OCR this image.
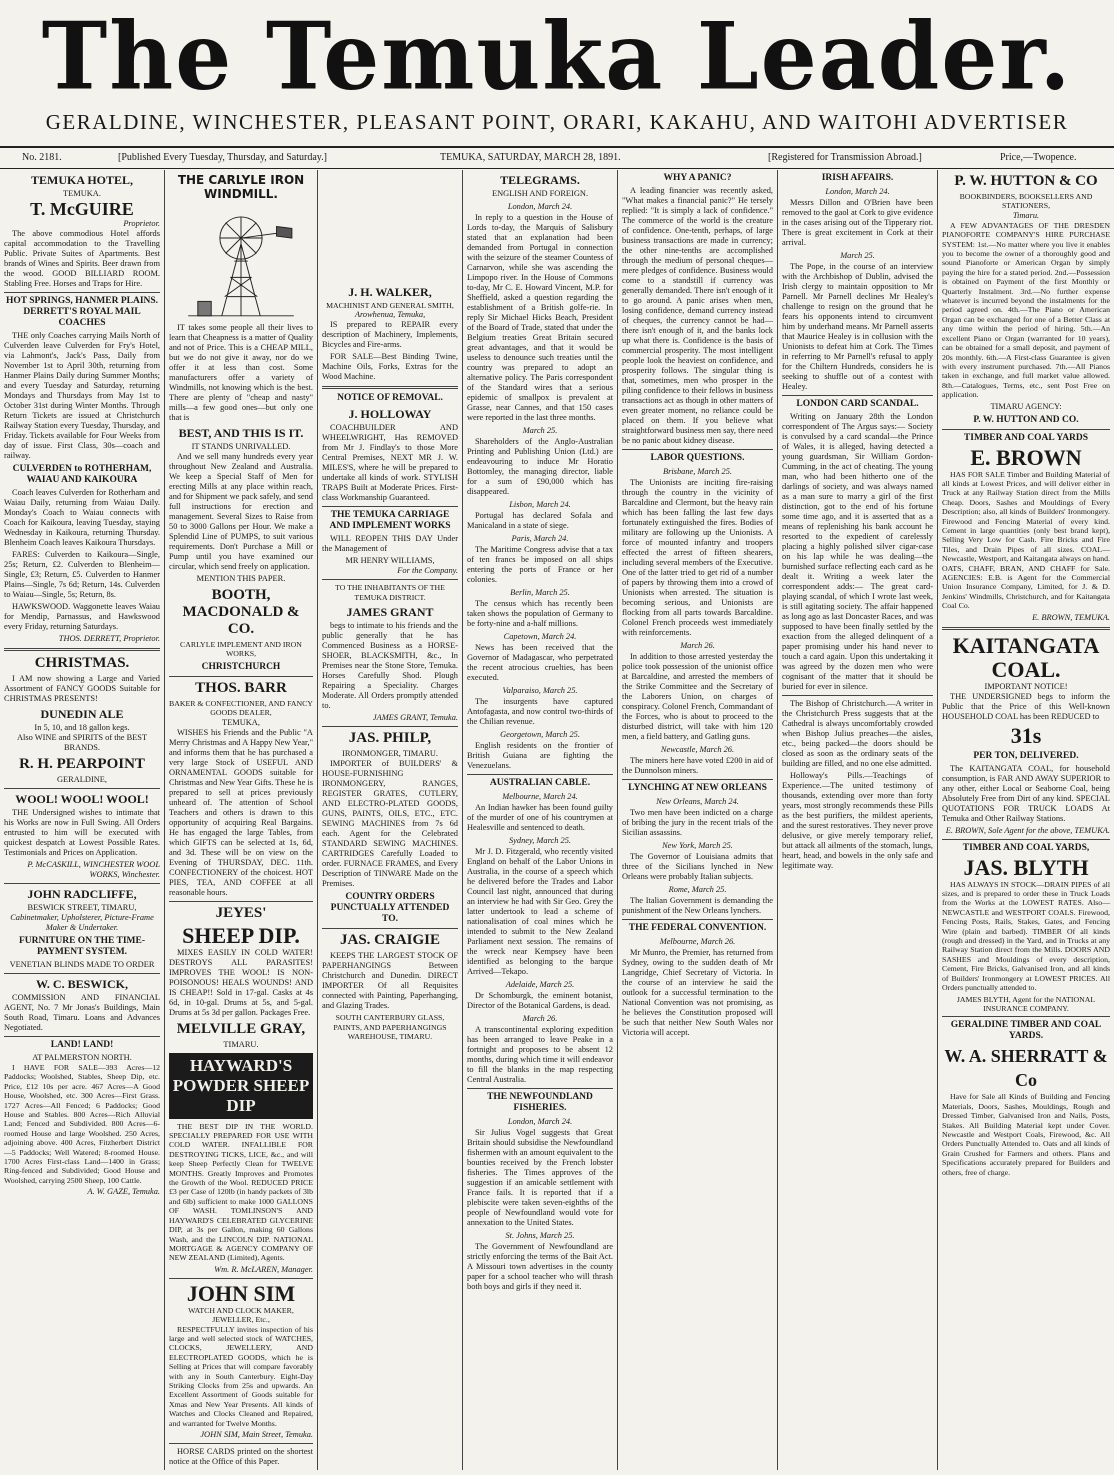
The Temuka Leader.
GERALDINE, WINCHESTER, PLEASANT POINT, ORARI, KAKAHU, AND WAITOHI ADVERTISER
No. 2181.	[Published Every Tuesday, Thursday, and Saturday.]	TEMUKA, SATURDAY, MARCH 28, 1891.	[Registered for Transmission Abroad.]	Price,—Twopence.
TEMUKA HOTEL,
TEMUKA.
T. McGUIRE
Proprietor.
The above commodious Hotel affords capital accommodation to the Travelling Public. Private Suites of Apartments. Best brands of Wines and Spirits. Beer drawn from the wood. GOOD BILLIARD ROOM. Stabling Free. Horses and Traps for Hire.
HOT SPRINGS, HANMER PLAINS. DERRETT'S ROYAL MAIL COACHES
THE only Coaches carrying Mails North of Culverden leave Culverden for Fry's Hotel, via Lahmont's, Jack's Pass, Daily from November 1st to April 30th, returning from Hanmer Plains Daily during Summer Months; and every Tuesday and Saturday, returning Mondays and Thursdays from May 1st to October 31st during Winter Months. Through Return Tickets are issued at Christchurch Railway Station every Tuesday, Thursday, and Friday. Tickets available for Four Weeks from day of issue. First Class, 30s—coach and railway.
CULVERDEN to ROTHERHAM, WAIAU AND KAIKOURA
Coach leaves Culverden for Rotherham and Waiau Daily, returning from Waiau Daily. Monday's Coach to Waiau connects with Coach for Kaikoura, leaving Tuesday, staying Wednesday in Kaikoura, returning Thursday. Blenheim Coach leaves Kaikoura Thursdays.
FARES: Culverden to Kaikoura—Single, 25s; Return, £2. Culverden to Blenheim—Single, £3; Return, £5. Culverden to Hanmer Plains—Single, 7s 6d; Return, 14s. Culverden to Waiau—Single, 5s; Return, 8s.
HAWKSWOOD. Waggonette leaves Waiau for Mendip, Parnassus, and Hawkswood every Friday, returning Saturdays.
THOS. DERRETT, Proprietor.
CHRISTMAS.
I AM now showing a Large and Varied Assortment of FANCY GOODS Suitable for CHRISTMAS PRESENTS!
DUNEDIN ALE
In 5, 10, and 18 gallon kegs.
Also WINE and SPIRITS of the BEST BRANDS.
R. H. PEARPOINT
GERALDINE,
WOOL! WOOL! WOOL!
THE Undersigned wishes to intimate that his Works are now in Full Swing. All Orders entrusted to him will be executed with quickest despatch at Lowest Possible Rates. Testimonials and Prices on Application.
P. McCASKILL, WINCHESTER WOOL WORKS, Winchester.
JOHN RADCLIFFE,
BESWICK STREET, TIMARU,
Cabinetmaker, Upholsterer, Picture-Frame Maker & Undertaker.
FURNITURE ON THE TIME-PAYMENT SYSTEM.
VENETIAN BLINDS MADE TO ORDER
W. C. BESWICK,
COMMISSION AND FINANCIAL AGENT, No. 7 Mr Jonas's Buildings, Main South Road, Timaru. Loans and Advances Negotiated.
LAND! LAND!
AT PALMERSTON NORTH.
I HAVE FOR SALE—393 Acres—12 Paddocks; Woolshed, Stables, Sheep Dip, etc. Price, £12 10s per acre. 467 Acres—A Good House, Woolshed, etc. 300 Acres—First Grass. 1727 Acres—All Fenced; 6 Paddocks; Good House and Stables. 800 Acres—Rich Alluvial Land; Fenced and Subdivided. 800 Acres—6-roomed House and large Woolshed. 250 Acres, adjoining above. 400 Acres, Fitzherbert District—5 Paddocks; Well Watered; 8-roomed House. 1700 Acres First-class Land—1400 in Grass; Ring-fenced and Subdivided; Good House and Woolshed, carrying 2500 Sheep, 100 Cattle.
A. W. GAZE, Temuka.
THE CARLYLE IRON WINDMILL.
IT takes some people all their lives to learn that Cheapness is a matter of Quality and not of Price. This is a CHEAP MILL, but we do not give it away, nor do we offer it at less than cost. Some manufacturers offer a variety of Windmills, not knowing which is the best. There are plenty of "cheap and nasty" mills—a few good ones—but only one that is
BEST, AND THIS IS IT.
IT STANDS UNRIVALLED.
And we sell many hundreds every year throughout New Zealand and Australia. We keep a Special Staff of Men for erecting Mills at any place within reach, and for Shipment we pack safely, and send full instructions for erection and management. Several Sizes to Raise from 50 to 3000 Gallons per Hour. We make a Splendid Line of PUMPS, to suit various requirements. Don't Purchase a Mill or Pump until you have examined our circular, which send freely on application.
MENTION THIS PAPER.
BOOTH, MACDONALD & CO.
CARLYLE IMPLEMENT AND IRON WORKS,
CHRISTCHURCH
THOS. BARR
BAKER & CONFECTIONER, AND FANCY GOODS DEALER,
TEMUKA,
WISHES his Friends and the Public "A Merry Christmas and A Happy New Year," and informs them that he has purchased a very large Stock of USEFUL AND ORNAMENTAL GOODS suitable for Christmas and New Year Gifts. These he is prepared to sell at prices previously unheard of. The attention of School Teachers and others is drawn to this opportunity of acquiring Real Bargains. He has engaged the large Tables, from which GIFTS can be selected at 1s, 6d, and 3d. These will be on view on the Evening of THURSDAY, DEC. 11th. CONFECTIONERY of the choicest. HOT PIES, TEA, AND COFFEE at all reasonable hours.
JEYES'
SHEEP DIP.
MIXES EASILY IN COLD WATER! DESTROYS ALL PARASITES! IMPROVES THE WOOL! IS NON-POISONOUS! HEALS WOUNDS! AND IS CHEAP!! Sold in 17-gal. Casks at 4s 6d, in 10-gal. Drums at 5s, and 5-gal. Drums at 5s 3d per gallon. Packages Free.
MELVILLE GRAY,
TIMARU.
HAYWARD'S POWDER SHEEP DIP
THE BEST DIP IN THE WORLD. SPECIALLY PREPARED FOR USE WITH COLD WATER. INFALLIBLE FOR DESTROYING TICKS, LICE, &c., and will keep Sheep Perfectly Clean for TWELVE MONTHS. Greatly Improves and Promotes the Growth of the Wool. REDUCED PRICE £3 per Case of 120lb (in handy packets of 3lb and 6lb) sufficient to make 1000 GALLONS OF WASH. TOMLINSON'S AND HAYWARD'S CELEBRATED GLYCERINE DIP, at 3s per Gallon, making 60 Gallons Wash, and the LINCOLN DIP. NATIONAL MORTGAGE & AGENCY COMPANY OF NEW ZEALAND (Limited), Agents.
Wm. R. McLAREN, Manager.
JOHN SIM
WATCH AND CLOCK MAKER, JEWELLER, Etc.,
RESPECTFULLY invites inspection of his large and well selected stock of WATCHES, CLOCKS, JEWELLERY, AND ELECTROPLATED GOODS, which he is Selling at Prices that will compare favorably with any in South Canterbury. Eight-Day Striking Clocks from 25s and upwards. An Excellent Assortment of Goods suitable for Xmas and New Year Presents. All kinds of Watches and Clocks Cleaned and Repaired, and warranted for Twelve Months.
JOHN SIM, Main Street, Temuka.
HORSE CARDS printed on the shortest notice at the Office of this Paper.
J. H. WALKER,
MACHINIST AND GENERAL SMITH,
Arowhenua, Temuka,
IS prepared to REPAIR every description of Machinery, Implements, Bicycles and Fire-arms.
FOR SALE—Best Binding Twine, Machine Oils, Forks, Extras for the Wood Machine.
NOTICE OF REMOVAL.
J. HOLLOWAY
COACHBUILDER AND WHEELWRIGHT, Has REMOVED from Mr J. Findlay's to those More Central Premises, NEXT MR J. W. MILES'S, where he will be prepared to undertake all kinds of work. STYLISH TRAPS Built at Moderate Prices. First-class Workmanship Guaranteed.
THE TEMUKA CARRIAGE AND IMPLEMENT WORKS
WILL REOPEN THIS DAY Under the Management of
MR HENRY WILLIAMS,
For the Company.
TO THE INHABITANTS OF THE TEMUKA DISTRICT.
JAMES GRANT
begs to intimate to his friends and the public generally that he has Commenced Business as a HORSE-SHOER, BLACKSMITH, &c., In Premises near the Stone Store, Temuka. Horses Carefully Shod. Plough Repairing a Speciality. Charges Moderate. All Orders promptly attended to.
JAMES GRANT, Temuka.
JAS. PHILP,
IRONMONGER, TIMARU.
IMPORTER of BUILDERS' & HOUSE-FURNISHING IRONMONGERY, RANGES, REGISTER GRATES, CUTLERY, AND ELECTRO-PLATED GOODS, GUNS, PAINTS, OILS, ETC., ETC. SEWING MACHINES from 7s 6d each. Agent for the Celebrated STANDARD SEWING MACHINES. CARTRIDGES Carefully Loaded to order. FURNACE FRAMES, and Every Description of TINWARE Made on the Premises.
COUNTRY ORDERS PUNCTUALLY ATTENDED TO.
JAS. CRAIGIE
KEEPS THE LARGEST STOCK OF PAPERHANGINGS Between Christchurch and Dunedin. DIRECT IMPORTER Of all Requisites connected with Painting, Paperhanging, and Glazing Trades.
SOUTH CANTERBURY GLASS, PAINTS, AND PAPERHANGINGS WAREHOUSE, TIMARU.
TELEGRAMS.
ENGLISH AND FOREIGN.
London, March 24.
In reply to a question in the House of Lords to-day, the Marquis of Salisbury stated that an explanation had been demanded from Portugal in connection with the seizure of the steamer Countess of Carnarvon, while she was ascending the Limpopo river. In the House of Commons to-day, Mr C. E. Howard Vincent, M.P. for Sheffield, asked a question regarding the establishment of a British golfe-rie. In reply Sir Michael Hicks Beach, President of the Board of Trade, stated that under the Belgium treaties Great Britain secured great advantages, and that it would be useless to denounce such treaties until the country was prepared to adopt an alternative policy. The Paris correspondent of the Standard wires that a serious epidemic of smallpox is prevalent at Grasse, near Cannes, and that 150 cases were reported in the last three months.
March 25.
Shareholders of the Anglo-Australian Printing and Publishing Union (Ltd.) are endeavouring to induce Mr Horatio Bottomley, the managing director, liable for a sum of £90,000 which has disappeared.
Lisbon, March 24.
Portugal has declared Sofala and Manicaland in a state of siege.
Paris, March 24.
The Maritime Congress advise that a tax of ten francs be imposed on all ships entering the ports of France or her colonies.
Berlin, March 25.
The census which has recently been taken shows the population of Germany to be forty-nine and a-half millions.
Capetown, March 24.
News has been received that the Governor of Madagascar, who perpetrated the recent atrocious cruelties, has been executed.
Valparaiso, March 25.
The insurgents have captured Antofagasta, and now control two-thirds of the Chilian revenue.
Georgetown, March 25.
English residents on the frontier of British Guiana are fighting the Venezuelans.
AUSTRALIAN CABLE.
Melbourne, March 24.
An Indian hawker has been found guilty of the murder of one of his countrymen at Healesville and sentenced to death.
Sydney, March 25.
Mr J. D. Fitzgerald, who recently visited England on behalf of the Labor Unions in Australia, in the course of a speech which he delivered before the Trades and Labor Council last night, announced that during an interview he had with Sir Geo. Grey the latter undertook to lead a scheme of nationalisation of coal mines which he intended to submit to the New Zealand Parliament next session. The remains of the wreck near Kempsey have been identified as belonging to the barque Arrived—Tekapo.
Adelaide, March 25.
Dr Schomburgk, the eminent botanist, Director of the Botanical Gardens, is dead.
March 26.
A transcontinental exploring expedition has been arranged to leave Peake in a fortnight and proposes to be absent 12 months, during which time it will endeavor to fill the blanks in the map respecting Central Australia.
THE NEWFOUNDLAND FISHERIES.
London, March 24.
Sir Julius Vogel suggests that Great Britain should subsidise the Newfoundland fishermen with an amount equivalent to the bounties received by the French lobster fisheries. The Times approves of the suggestion if an amicable settlement with France fails. It is reported that if a plebiscite were taken seven-eighths of the people of Newfoundland would vote for annexation to the United States.
St. Johns, March 25.
The Government of Newfoundland are strictly enforcing the terms of the Bait Act. A Missouri town advertises in the county paper for a school teacher who will thrash both boys and girls if they need it.
WHY A PANIC?
A leading financier was recently asked, "What makes a financial panic?" He tersely replied: "It is simply a lack of confidence." The commerce of the world is the creature of confidence. One-tenth, perhaps, of large business transactions are made in currency; the other nine-tenths are accomplished through the medium of personal cheques—mere pledges of confidence. Business would come to a standstill if currency was generally demanded. There isn't enough of it to go around. A panic arises when men, losing confidence, demand currency instead of cheques, the currency cannot be had—there isn't enough of it, and the banks lock up what there is. Confidence is the basis of commercial prosperity. The most intelligent people look the heaviest on confidence, and prosperity follows. The singular thing is that, sometimes, men who prosper in the piling confidence to their fellows in business transactions act as though in other matters of even greater moment, no reliance could be placed on them. If you believe what straightforward business men say, there need be no panic about kidney disease.
LABOR QUESTIONS.
Brisbane, March 25.
The Unionists are inciting fire-raising through the country in the vicinity of Barcaldine and Clermont, but the heavy rain which has been falling the last few days fortunately extinguished the fires. Bodies of military are following up the Unionists. A force of mounted infantry and troopers effected the arrest of fifteen shearers, including several members of the Executive. One of the latter tried to get rid of a number of papers by throwing them into a crowd of Unionists when arrested. The situation is becoming serious, and Unionists are flocking from all parts towards Barcaldine. Colonel French proceeds west immediately with reinforcements.
March 26.
In addition to those arrested yesterday the police took possession of the unionist office at Barcaldine, and arrested the members of the Strike Committee and the Secretary of the Laborers Union, on charges of conspiracy. Colonel French, Commandant of the Forces, who is about to proceed to the disturbed district, will take with him 120 men, a field battery, and Gatling guns.
Newcastle, March 26.
The miners here have voted £200 in aid of the Dunnolson miners.
LYNCHING AT NEW ORLEANS
New Orleans, March 24.
Two men have been indicted on a charge of bribing the jury in the recent trials of the Sicilian assassins.
New York, March 25.
The Governor of Louisiana admits that three of the Sicilians lynched in New Orleans were probably Italian subjects.
Rome, March 25.
The Italian Government is demanding the punishment of the New Orleans lynchers.
THE FEDERAL CONVENTION.
Melbourne, March 26.
Mr Munro, the Premier, has returned from Sydney, owing to the sudden death of Mr Langridge, Chief Secretary of Victoria. In the course of an interview he said the outlook for a successful termination to the National Convention was not promising, as he believes the Constitution proposed will be such that neither New South Wales nor Victoria will accept.
IRISH AFFAIRS.
London, March 24.
Messrs Dillon and O'Brien have been removed to the gaol at Cork to give evidence in the cases arising out of the Tipperary riot. There is great excitement in Cork at their arrival.
March 25.
The Pope, in the course of an interview with the Archbishop of Dublin, advised the Irish clergy to maintain opposition to Mr Parnell. Mr Parnell declines Mr Healey's challenge to resign on the ground that he fears his opponents intend to circumvent him by underhand means. Mr Parnell asserts that Maurice Healey is in collusion with the Unionists to defeat him at Cork. The Times in referring to Mr Parnell's refusal to apply for the Chiltern Hundreds, considers he is seeking to shuffle out of a contest with Healey.
LONDON CARD SCANDAL.
Writing on January 28th the London correspondent of The Argus says:— Society is convulsed by a card scandal—the Prince of Wales, it is alleged, having detected a young guardsman, Sir William Gordon-Cumming, in the act of cheating. The young man, who had been hitherto one of the darlings of society, and was always named as a man sure to marry a girl of the first distinction, got to the end of his fortune some time ago, and it is asserted that as a means of replenishing his bank account he resorted to the expedient of carelessly placing a highly polished silver cigar-case on his lap while he was dealing—the burnished surface reflecting each card as he dealt it. Writing a week later the correspondent adds:— The great card-playing scandal, of which I wrote last week, is still agitating society. The affair happened as long ago as last Doncaster Races, and was supposed to have been finally settled by the exaction from the alleged delinquent of a paper promising under his hand never to touch a card again. Upon this undertaking it was agreed by the dozen men who were cognisant of the matter that it should be buried for ever in silence.
The Bishop of Christchurch.—A writer in the Christchurch Press suggests that at the Cathedral is always uncomfortably crowded when Bishop Julius preaches—the aisles, etc., being packed—the doors should be closed as soon as the ordinary seats of the building are filled, and no one else admitted.
Holloway's Pills.—Teachings of Experience.—The united testimony of thousands, extending over more than forty years, most strongly recommends these Pills as the best purifiers, the mildest aperients, and the surest restoratives. They never prove delusive, or give merely temporary relief, but attack all ailments of the stomach, lungs, heart, head, and bowels in the only safe and legitimate way.
P. W. HUTTON & CO
BOOKBINDERS, BOOKSELLERS AND STATIONERS,
Timaru.
A FEW ADVANTAGES OF THE DRESDEN PIANOFORTE COMPANY'S HIRE PURCHASE SYSTEM: 1st.—No matter where you live it enables you to become the owner of a thoroughly good and sound Pianoforte or American Organ by simply paying the hire for a stated period. 2nd.—Possession is obtained on Payment of the first Monthly or Quarterly Instalment. 3rd.—No further expense whatever is incurred beyond the instalments for the period agreed on. 4th.—The Piano or American Organ can be exchanged for one of a Better Class at any time within the period of hiring. 5th.—An excellent Piano or Organ (warranted for 10 years), can be obtained for a small deposit, and payment of 20s monthly. 6th.—A First-class Guarantee is given with every instrument purchased. 7th.—All Pianos taken in exchange, and full market value allowed. 8th.—Catalogues, Terms, etc., sent Post Free on application.
TIMARU AGENCY:
P. W. HUTTON AND CO.
TIMBER AND COAL YARDS
E. BROWN
HAS FOR SALE Timber and Building Material of all kinds at Lowest Prices, and will deliver either in Truck at any Railway Station direct from the Mills Cheap. Doors, Sashes and Mouldings of Every Description; also, all kinds of Builders' Ironmongery. Firewood and Fencing Material of every kind. Cement in large quantities (only best brand kept), Selling Very Low for Cash. Fire Bricks and Fire Tiles, and Drain Pipes of all sizes. COAL—Newcastle, Westport, and Kaitangata always on hand. OATS, CHAFF, BRAN, AND CHAFF for Sale. AGENCIES: E.B. is Agent for the Commercial Union Insurance Company, Limited, for J. & D. Jenkins' Windmills, Christchurch, and for Kaitangata Coal Co.
E. BROWN, TEMUKA.
KAITANGATA COAL.
IMPORTANT NOTICE!
THE UNDERSIGNED begs to inform the Public that the Price of this Well-known HOUSEHOLD COAL has been REDUCED to
31s
PER TON, DELIVERED.
The KAITANGATA COAL, for household consumption, is FAR AND AWAY SUPERIOR to any other, either Local or Seaborne Coal, being Absolutely Free from Dirt of any kind. SPECIAL QUOTATIONS FOR TRUCK LOADS At Temuka and Other Railway Stations.
E. BROWN, Sole Agent for the above, TEMUKA.
TIMBER AND COAL YARDS,
JAS. BLYTH
HAS ALWAYS IN STOCK—DRAIN PIPES of all sizes, and is prepared to order these in Truck Loads from the Works at the LOWEST RATES. Also—NEWCASTLE and WESTPORT COALS. Firewood, Fencing Posts, Rails, Stakes, Gates, and Fencing Wire (plain and barbed). TIMBER Of all kinds (rough and dressed) in the Yard, and in Trucks at any Railway Station direct from the Mills. DOORS AND SASHES and Mouldings of every description, Cement, Fire Bricks, Galvanised Iron, and all kinds of Builders' Ironmongery at LOWEST PRICES. All Orders punctually attended to.
JAMES BLYTH, Agent for the NATIONAL INSURANCE COMPANY.
GERALDINE TIMBER AND COAL YARDS.
W. A. SHERRATT & Co
Have for Sale all Kinds of Building and Fencing Materials, Doors, Sashes, Mouldings, Rough and Dressed Timber, Galvanised Iron and Nails, Posts, Stakes. All Building Material kept under Cover. Newcastle and Westport Coals, Firewood, &c. All Orders Punctually Attended to. Oats and all kinds of Grain Crushed for Farmers and others. Plans and Specifications accurately prepared for Builders and others, free of charge.
